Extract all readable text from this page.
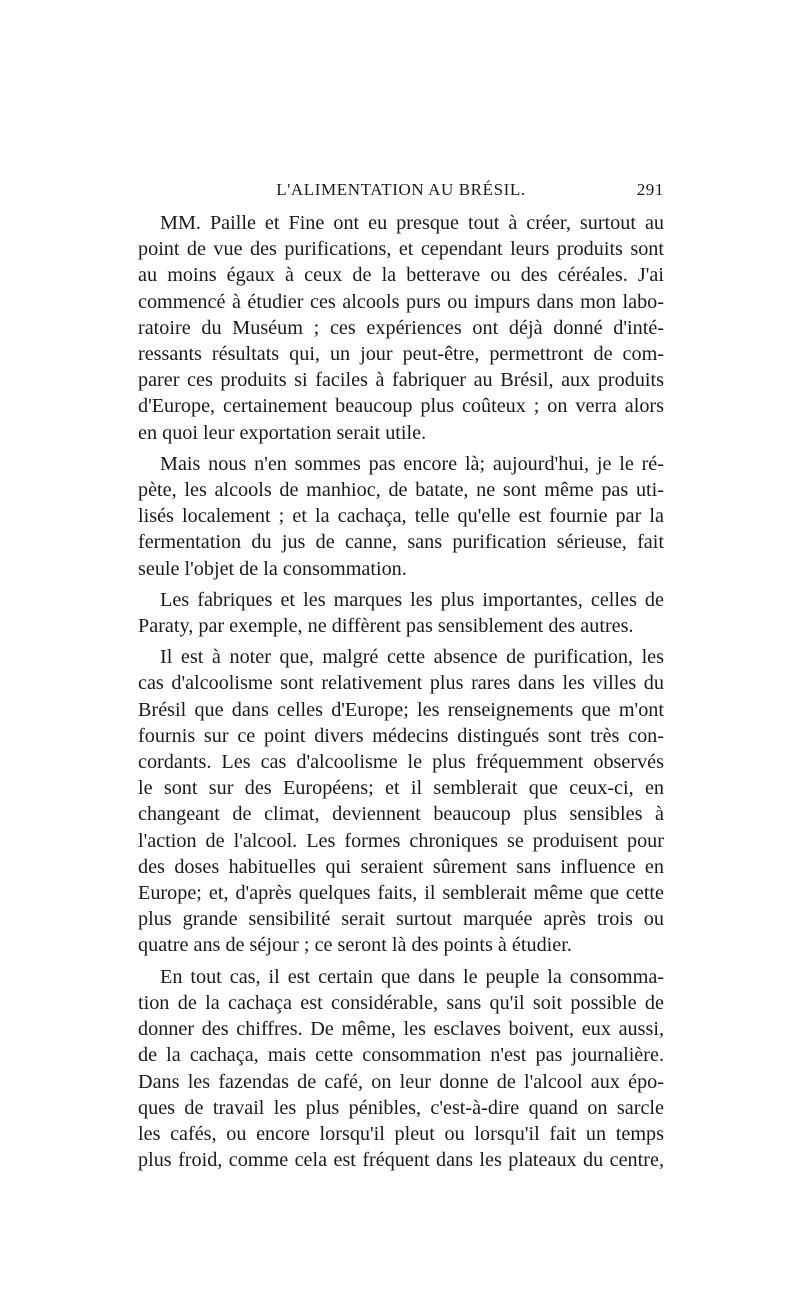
L'ALIMENTATION AU BRÉSIL.	291
MM. Paille et Fine ont eu presque tout à créer, surtout au
point de vue des purifications, et cependant leurs produits sont
au moins égaux à ceux de la betterave ou des céréales. J'ai
commencé à étudier ces alcools purs ou impurs dans mon labo-
ratoire du Muséum ; ces expériences ont déjà donné d'inté-
ressants résultats qui, un jour peut-être, permettront de com-
parer ces produits si faciles à fabriquer au Brésil, aux produits
d'Europe, certainement beaucoup plus coûteux ; on verra alors
en quoi leur exportation serait utile.
Mais nous n'en sommes pas encore là; aujourd'hui, je le ré-
pète, les alcools de manhioc, de batate, ne sont même pas uti-
lisés localement ; et la cachaça, telle qu'elle est fournie par la
fermentation du jus de canne, sans purification sérieuse, fait
seule l'objet de la consommation.
Les fabriques et les marques les plus importantes, celles de
Paraty, par exemple, ne diffèrent pas sensiblement des autres.
Il est à noter que, malgré cette absence de purification, les
cas d'alcoolisme sont relativement plus rares dans les villes du
Brésil que dans celles d'Europe; les renseignements que m'ont
fournis sur ce point divers médecins distingués sont très con-
cordants. Les cas d'alcoolisme le plus fréquemment observés
le sont sur des Européens; et il semblerait que ceux-ci, en
changeant de climat, deviennent beaucoup plus sensibles à
l'action de l'alcool. Les formes chroniques se produisent pour
des doses habituelles qui seraient sûrement sans influence en
Europe; et, d'après quelques faits, il semblerait même que cette
plus grande sensibilité serait surtout marquée après trois ou
quatre ans de séjour ; ce seront là des points à étudier.
En tout cas, il est certain que dans le peuple la consomma-
tion de la cachaça est considérable, sans qu'il soit possible de
donner des chiffres. De même, les esclaves boivent, eux aussi,
de la cachaça, mais cette consommation n'est pas journalière.
Dans les fazendas de café, on leur donne de l'alcool aux épo-
ques de travail les plus pénibles, c'est-à-dire quand on sarcle
les cafés, ou encore lorsqu'il pleut ou lorsqu'il fait un temps
plus froid, comme cela est fréquent dans les plateaux du centre,
